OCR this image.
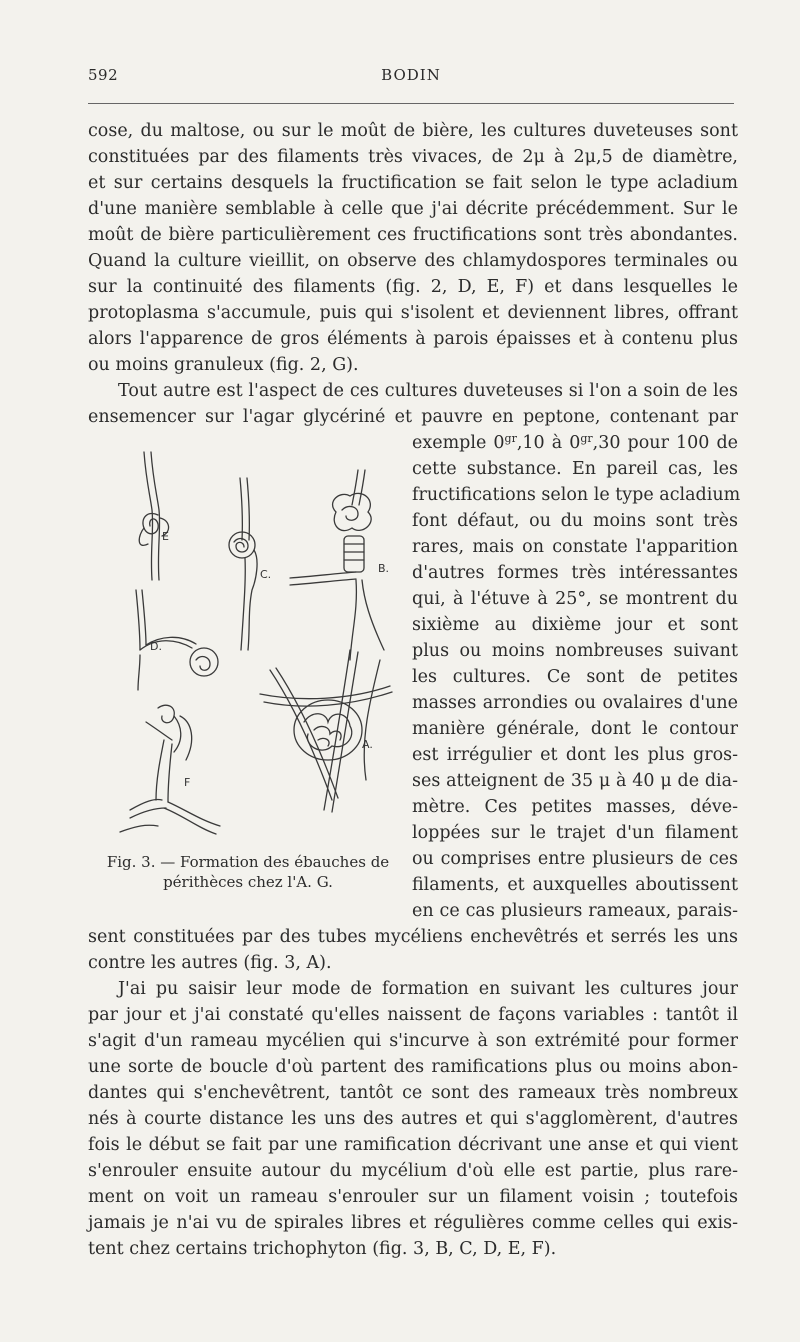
592	BODIN
cose, du maltose, ou sur le moût de bière, les cultures duveteuses sont
constituées par des filaments très vivaces, de 2μ à 2μ,5 de diamètre,
et sur certains desquels la fructification se fait selon le type acladium
d'une manière semblable à celle que j'ai décrite précédemment. Sur le
moût de bière particulièrement ces fructifications sont très abondantes.
Quand la culture vieillit, on observe des chlamydospores terminales ou
sur la continuité des filaments (fig. 2, D, E, F) et dans lesquelles le
protoplasma s'accumule, puis qui s'isolent et deviennent libres, offrant
alors l'apparence de gros éléments à parois épaisses et à contenu plus
ou moins granuleux (fig. 2, G).
Tout autre est l'aspect de ces cultures duveteuses si l'on a soin de les
ensemencer sur l'agar glycériné et pauvre en peptone, contenant par
exemple $0^{gr},10$ à $0^{gr},30$ pour 100 de
cette substance. En pareil cas, les
fructifications selon le type acladium
font défaut, ou du moins sont très
rares, mais on constate l'apparition
d'autres formes très intéressantes
qui, à l'étuve à 25°, se montrent du
sixième au dixième jour et sont
plus ou moins nombreuses suivant
les cultures. Ce sont de petites
masses arrondies ou ovalaires d'une
manière générale, dont le contour
est irrégulier et dont les plus gros-
ses atteignent de 35 μ à 40 μ de dia-
mètre. Ces petites masses, déve-
loppées sur le trajet d'un filament
ou comprises entre plusieurs de ces
filaments, et auxquelles aboutissent
en ce cas plusieurs rameaux, parais-
E
C.	B.
D.
A.
F
Fig. 3. — Formation des ébauches de
périthèces chez l'A. G.
sent constituées par des tubes mycéliens enchevêtrés et serrés les uns
contre les autres (fig. 3, A).
J'ai pu saisir leur mode de formation en suivant les cultures jour
par jour et j'ai constaté qu'elles naissent de façons variables : tantôt il
s'agit d'un rameau mycélien qui s'incurve à son extrémité pour former
une sorte de boucle d'où partent des ramifications plus ou moins abon-
dantes qui s'enchevêtrent, tantôt ce sont des rameaux très nombreux
nés à courte distance les uns des autres et qui s'agglomèrent, d'autres
fois le début se fait par une ramification décrivant une anse et qui vient
s'enrouler ensuite autour du mycélium d'où elle est partie, plus rare-
ment on voit un rameau s'enrouler sur un filament voisin ; toutefois
jamais je n'ai vu de spirales libres et régulières comme celles qui exis-
tent chez certains trichophyton (fig. 3, B, C, D, E, F).
